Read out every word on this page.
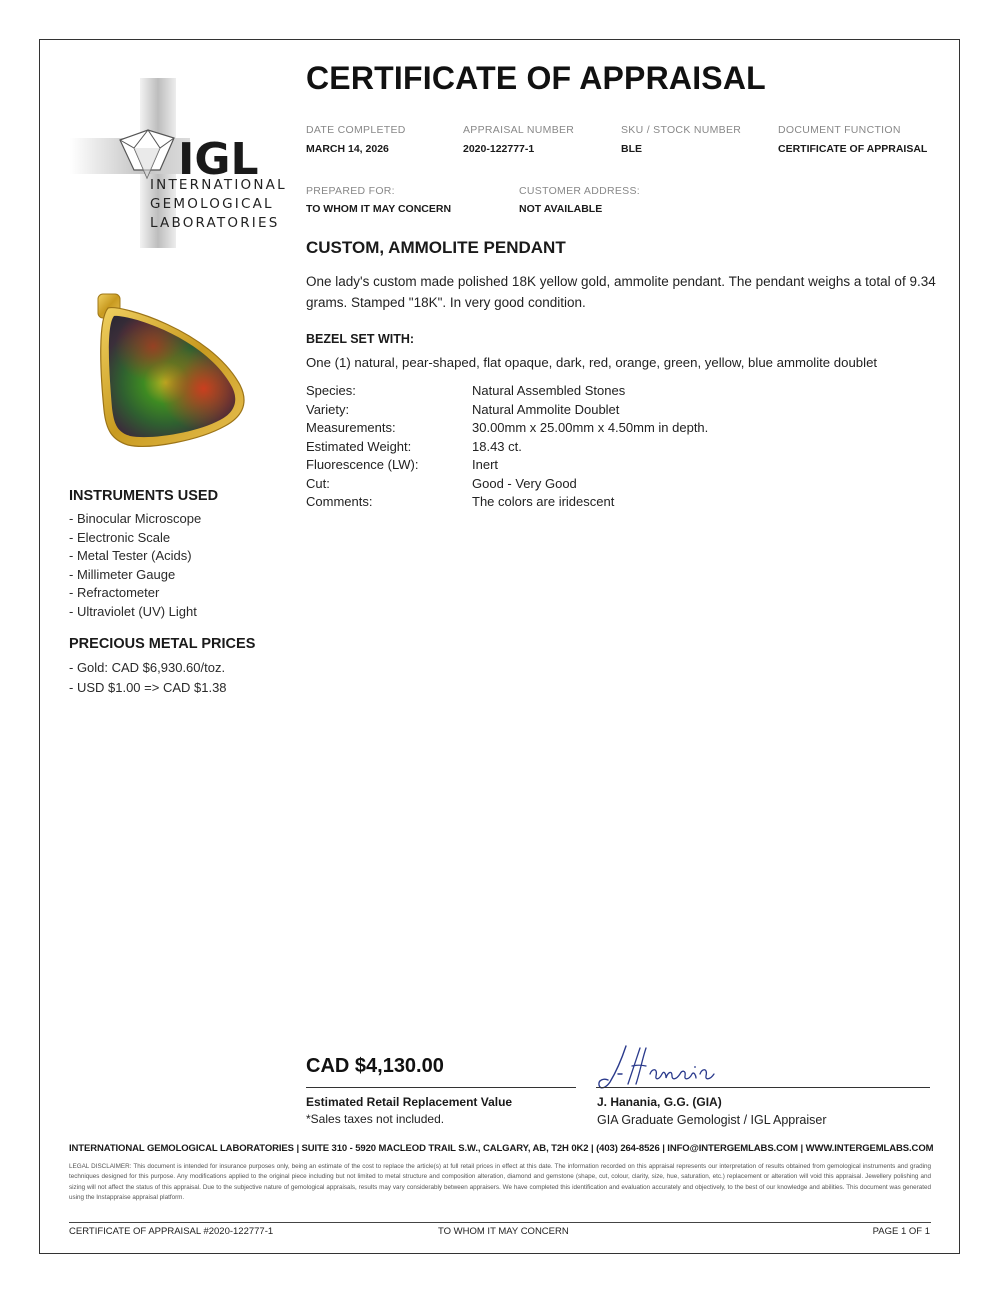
IGL
INTERNATIONAL
GEMOLOGICAL
LABORATORIES
INSTRUMENTS USED
- Binocular Microscope
- Electronic Scale
- Metal Tester (Acids)
- Millimeter Gauge
- Refractometer
- Ultraviolet (UV) Light
PRECIOUS METAL PRICES
- Gold: CAD $6,930.60/toz.
- USD $1.00 => CAD $1.38
CERTIFICATE OF APPRAISAL
DATE COMPLETED
MARCH 14, 2026
APPRAISAL NUMBER
2020-122777-1
SKU / STOCK NUMBER
BLE
DOCUMENT FUNCTION
CERTIFICATE OF APPRAISAL
PREPARED FOR:
TO WHOM IT MAY CONCERN
CUSTOMER ADDRESS:
NOT AVAILABLE
CUSTOM, AMMOLITE PENDANT
One lady's custom made polished 18K yellow gold, ammolite pendant. The pendant weighs a total of 9.34 grams. Stamped "18K". In very good condition.
BEZEL SET WITH:
One (1) natural, pear-shaped, flat opaque, dark, red, orange, green, yellow, blue ammolite doublet
Species:	Natural Assembled Stones
Variety:	Natural Ammolite Doublet
Measurements:	30.00mm x 25.00mm x 4.50mm in depth.
Estimated Weight:	18.43 ct.
Fluorescence (LW):	Inert
Cut:	Good - Very Good
Comments:	The colors are iridescent
CAD $4,130.00
Estimated Retail Replacement Value
*Sales taxes not included.
J. Hanania, G.G. (GIA)
GIA Graduate Gemologist / IGL Appraiser
INTERNATIONAL GEMOLOGICAL LABORATORIES | SUITE 310 - 5920 MACLEOD TRAIL S.W., CALGARY, AB, T2H 0K2 | (403) 264-8526 | INFO@INTERGEMLABS.COM | WWW.INTERGEMLABS.COM
LEGAL DISCLAIMER: This document is intended for insurance purposes only, being an estimate of the cost to replace the article(s) at full retail prices in effect at this date. The information recorded on this appraisal represents our interpretation of results obtained from gemological instruments and grading techniques designed for this purpose. Any modifications applied to the original piece including but not limited to metal structure and composition alteration, diamond and gemstone (shape, cut, colour, clarity, size, hue, saturation, etc.) replacement or alteration will void this appraisal. Jewellery polishing and sizing will not affect the status of this appraisal. Due to the subjective nature of gemological appraisals, results may vary considerably between appraisers. We have completed this identification and evaluation accurately and objectively, to the best of our knowledge and abilities. This document was generated using the Instappraise appraisal platform.
CERTIFICATE OF APPRAISAL #2020-122777-1	TO WHOM IT MAY CONCERN	PAGE 1 OF 1
